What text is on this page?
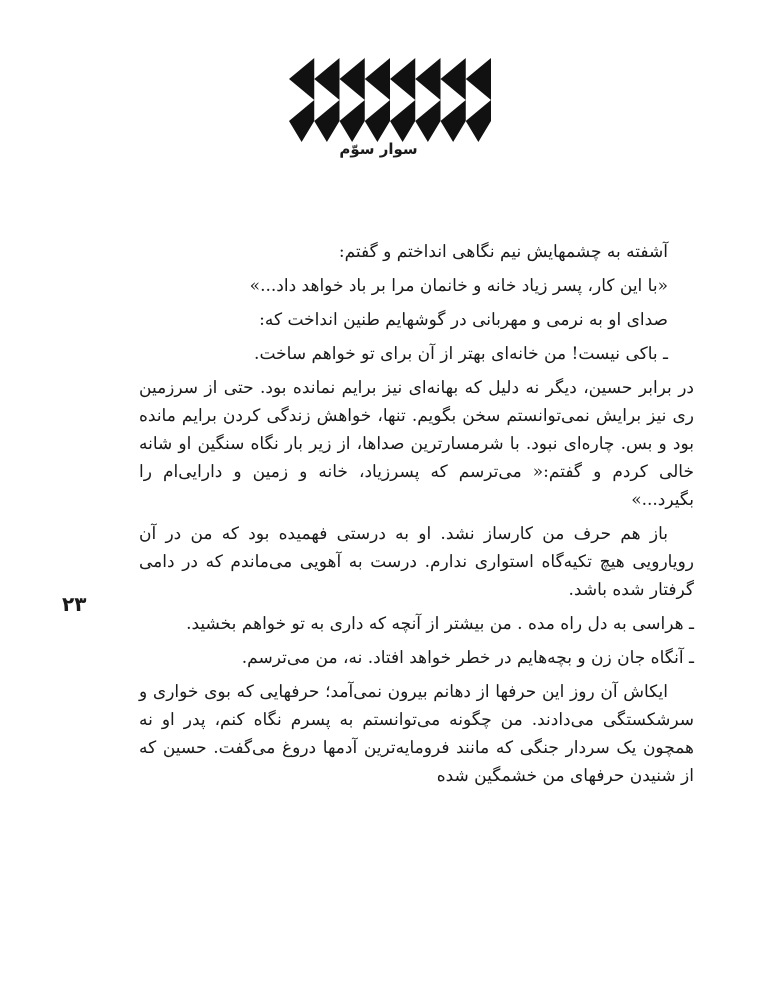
سوار سوّم

آشفته به چشمهایش نیم نگاهی انداختم و گفتم:

«با این کار، پسر زیاد خانه و خانمان مرا بر باد خواهد داد...»

صدای او به نرمی و مهربانی در گوشهایم طنین انداخت که:

ـ باکی نیست! من خانه‌ای بهتر از آن برای تو خواهم ساخت.

در برابر حسین، دیگر نه دلیل که بهانه‌ای نیز برایم نمانده بود. حتی از سرزمین ری نیز برایش نمی‌توانستم سخن بگویم. تنها، خواهش زندگی کردن برایم مانده بود و بس. چاره‌ای نبود. با شرمسارترین صداها، از زیر بار نگاه سنگین او شانه خالی کردم و گفتم:« می‌ترسم که پسرزیاد، خانه و زمین و دارایی‌ام را بگیرد...»

باز هم حرف من کارساز نشد. او به درستی فهمیده بود که من در آن رویارویی هیچ تکیه‌گاه استواری ندارم. درست به آهویی می‌ماندم که در دامی گرفتار شده باشد.

ـ هراسی به دل راه مده . من بیشتر از آنچه که داری به تو خواهم بخشید.

ـ آنگاه جان زن و بچه‌هایم در خطر خواهد افتاد. نه، من می‌ترسم.

ایکاش آن روز این حرفها از دهانم بیرون نمی‌آمد؛ حرفهایی که بوی خواری و سرشکستگی می‌دادند. من چگونه می‌توانستم به پسرم نگاه کنم، پدر او نه همچون یک سردار جنگی که مانند فرومایه‌ترین آدمها دروغ می‌گفت. حسین که از شنیدن حرفهای من خشمگین شده

۲۳
